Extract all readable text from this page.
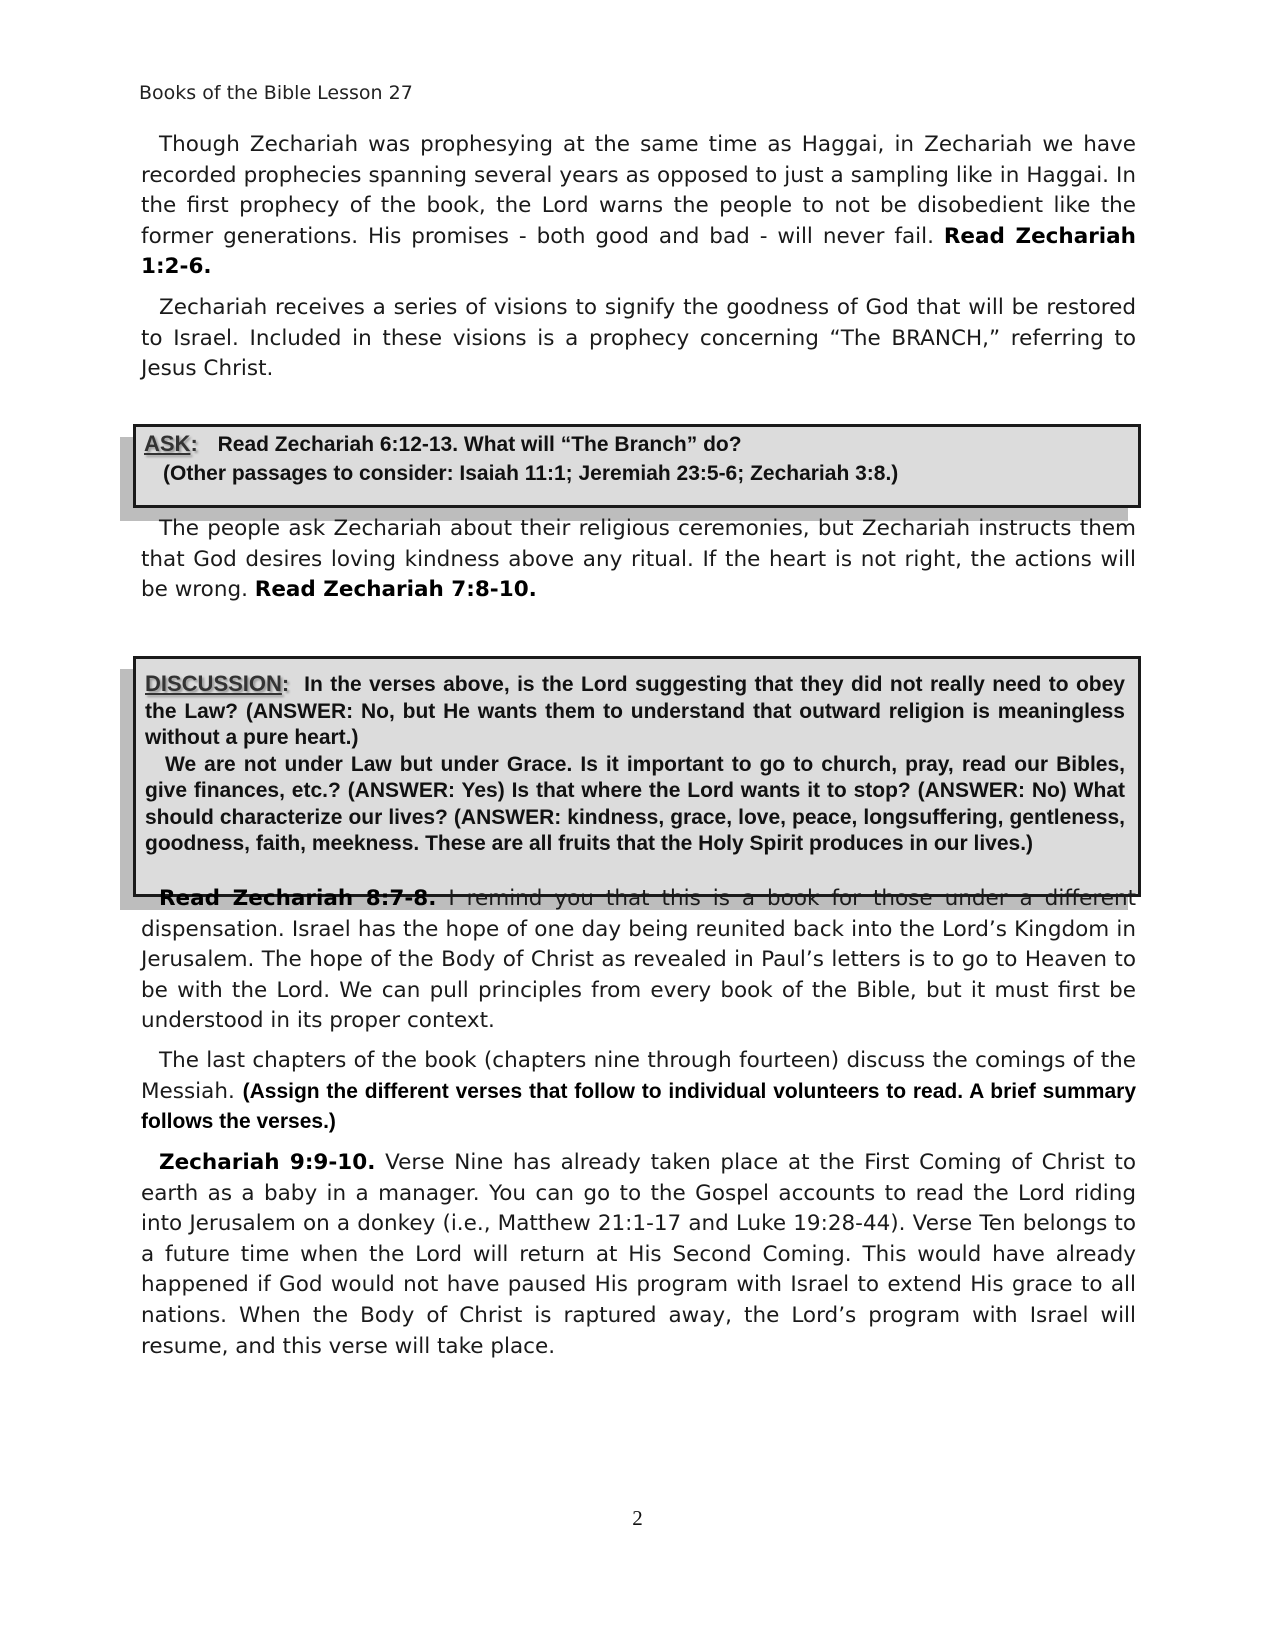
Books of the Bible Lesson 27

Though Zechariah was prophesying at the same time as Haggai, in Zechariah we have recorded prophecies spanning several years as opposed to just a sampling like in Haggai. In the first prophecy of the book, the Lord warns the people to not be disobedient like the former generations. His promises - both good and bad - will never fail. Read Zechariah 1:2-6.

Zechariah receives a series of visions to signify the goodness of God that will be restored to Israel. Included in these visions is a prophecy concerning “The BRANCH,” referring to Jesus Christ.

ASK: Read Zechariah 6:12-13. What will “The Branch” do?
(Other passages to consider: Isaiah 11:1; Jeremiah 23:5-6; Zechariah 3:8.)

The people ask Zechariah about their religious ceremonies, but Zechariah instructs them that God desires loving kindness above any ritual. If the heart is not right, the actions will be wrong. Read Zechariah 7:8-10.

DISCUSSION: In the verses above, is the Lord suggesting that they did not really need to obey the Law? (ANSWER: No, but He wants them to understand that outward religion is meaningless without a pure heart.)

We are not under Law but under Grace. Is it important to go to church, pray, read our Bibles, give finances, etc.? (ANSWER: Yes) Is that where the Lord wants it to stop? (ANSWER: No) What should characterize our lives? (ANSWER: kindness, grace, love, peace, longsuffering, gentleness, goodness, faith, meekness. These are all fruits that the Holy Spirit produces in our lives.)

Read Zechariah 8:7-8. I remind you that this is a book for those under a different dispensation. Israel has the hope of one day being reunited back into the Lord’s Kingdom in Jerusalem. The hope of the Body of Christ as revealed in Paul’s letters is to go to Heaven to be with the Lord. We can pull principles from every book of the Bible, but it must first be understood in its proper context.

The last chapters of the book (chapters nine through fourteen) discuss the comings of the Messiah. (Assign the different verses that follow to individual volunteers to read. A brief summary follows the verses.)

Zechariah 9:9-10. Verse Nine has already taken place at the First Coming of Christ to earth as a baby in a manager. You can go to the Gospel accounts to read the Lord riding into Jerusalem on a donkey (i.e., Matthew 21:1-17 and Luke 19:28-44). Verse Ten belongs to a future time when the Lord will return at His Second Coming. This would have already happened if God would not have paused His program with Israel to extend His grace to all nations. When the Body of Christ is raptured away, the Lord’s program with Israel will resume, and this verse will take place.

2
